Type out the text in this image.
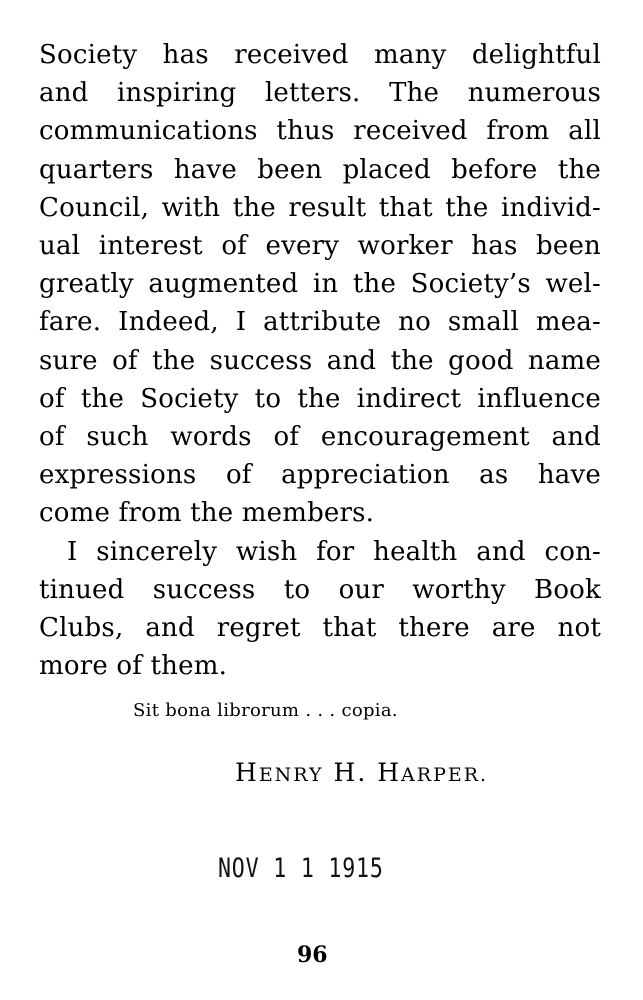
Society has received many delightful
and inspiring letters. The numerous
communications thus received from all
quarters have been placed before the
Council, with the result that the individ-
ual interest of every worker has been
greatly augmented in the Society’s wel-
fare. Indeed, I attribute no small mea-
sure of the success and the good name
of the Society to the indirect influence
of such words of encouragement and
expressions of appreciation as have
come from the members.
I sincerely wish for health and con-
tinued success to our worthy Book
Clubs, and regret that there are not
more of them.
Sit bona librorum . . . copia.
HENRY H. HARPER.
NOV 1 1 1915
96
